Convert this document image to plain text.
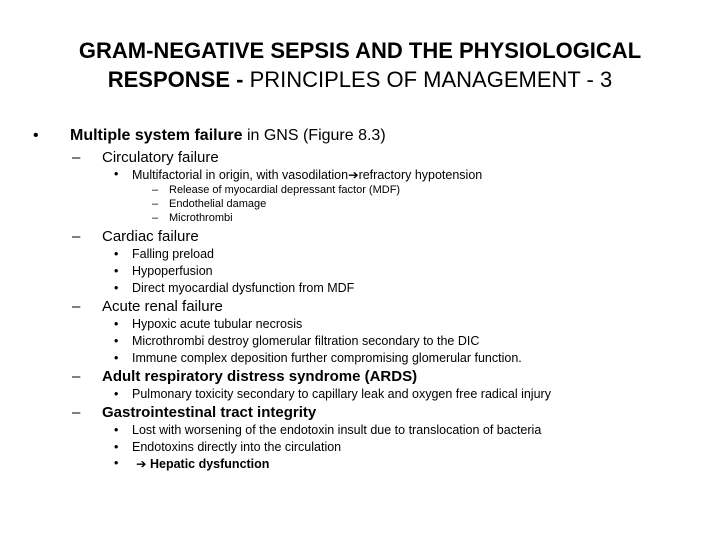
GRAM-NEGATIVE SEPSIS AND THE PHYSIOLOGICAL RESPONSE - PRINCIPLES OF MANAGEMENT - 3
• Multiple system failure in GNS (Figure 8.3)
– Circulatory failure
• Multifactorial in origin, with vasodilation➔refractory hypotension
– Release of myocardial depressant factor (MDF)
– Endothelial damage
– Microthrombi
– Cardiac failure
• Falling preload
• Hypoperfusion
• Direct myocardial dysfunction from MDF
– Acute renal failure
• Hypoxic acute tubular necrosis
• Microthrombi destroy glomerular filtration secondary to the DIC
• Immune complex deposition further compromising glomerular function.
– Adult respiratory distress syndrome (ARDS)
• Pulmonary toxicity secondary to capillary leak and oxygen free radical injury
– Gastrointestinal tract integrity
• Lost with worsening of the endotoxin insult due to translocation of bacteria
• Endotoxins directly into the circulation
• ➔ Hepatic dysfunction
